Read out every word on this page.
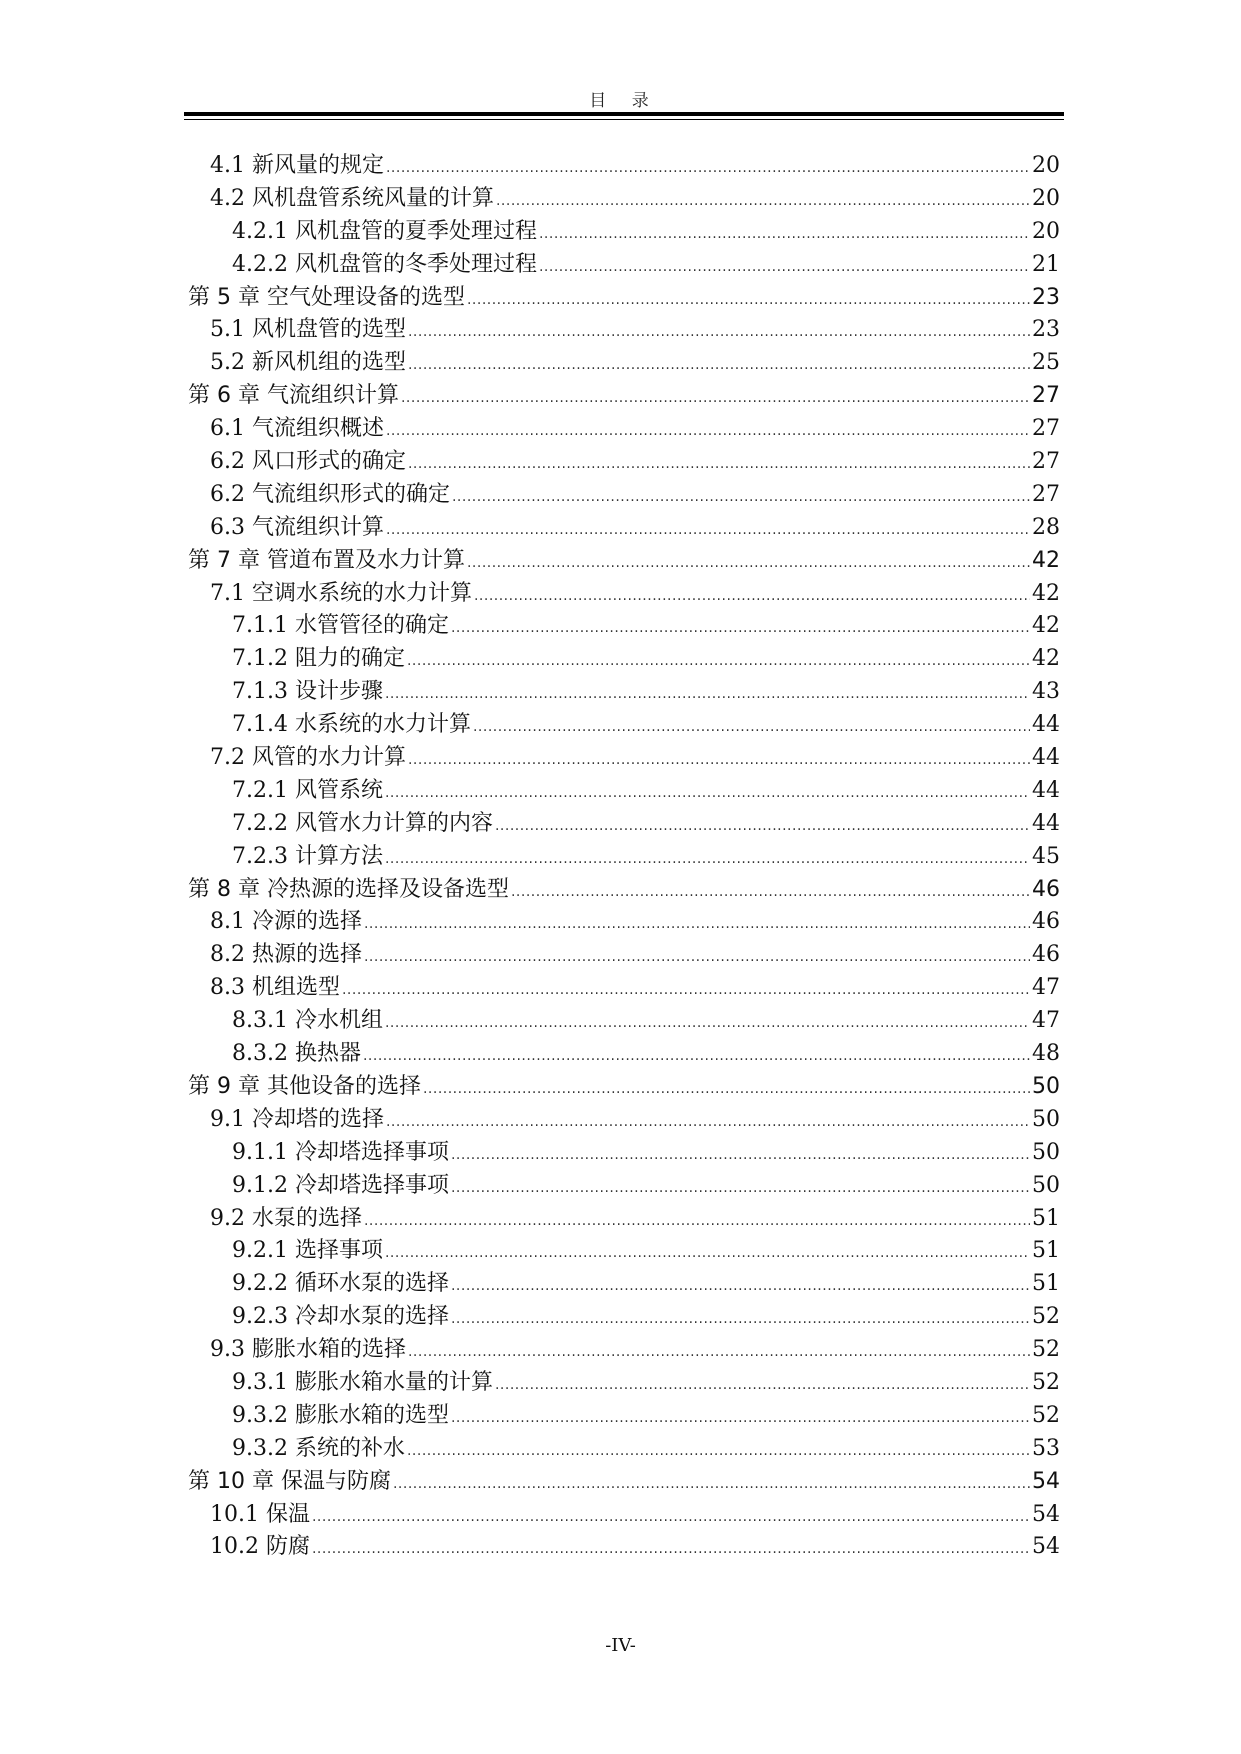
目 录
4.1 新风量的规定 .....	20
4.2 风机盘管系统风量的计算 .....	20
4.2.1 风机盘管的夏季处理过程 .....	20
4.2.2 风机盘管的冬季处理过程 .....	21
第 5 章 空气处理设备的选型 .....	23
5.1 风机盘管的选型 .....	23
5.2 新风机组的选型 .....	25
第 6 章 气流组织计算 .....	27
6.1 气流组织概述 .....	27
6.2 风口形式的确定 .....	27
6.2 气流组织形式的确定 .....	27
6.3 气流组织计算 .....	28
第 7 章 管道布置及水力计算 .....	42
7.1 空调水系统的水力计算 .....	42
7.1.1 水管管径的确定 .....	42
7.1.2 阻力的确定 .....	42
7.1.3 设计步骤 .....	43
7.1.4 水系统的水力计算 .....	44
7.2 风管的水力计算 .....	44
7.2.1 风管系统 .....	44
7.2.2 风管水力计算的内容 .....	44
7.2.3 计算方法 .....	45
第 8 章 冷热源的选择及设备选型 .....	46
8.1 冷源的选择 .....	46
8.2 热源的选择 .....	46
8.3 机组选型 .....	47
8.3.1 冷水机组 .....	47
8.3.2 换热器 .....	48
第 9 章 其他设备的选择 .....	50
9.1 冷却塔的选择 .....	50
9.1.1 冷却塔选择事项 .....	50
9.1.2 冷却塔选择事项 .....	50
9.2 水泵的选择 .....	51
9.2.1 选择事项 .....	51
9.2.2 循环水泵的选择 .....	51
9.2.3 冷却水泵的选择 .....	52
9.3 膨胀水箱的选择 .....	52
9.3.1 膨胀水箱水量的计算 .....	52
9.3.2 膨胀水箱的选型 .....	52
9.3.2 系统的补水 .....	53
第 10 章 保温与防腐 .....	54
10.1 保温 .....	54
10.2 防腐 .....	54
-IV-
